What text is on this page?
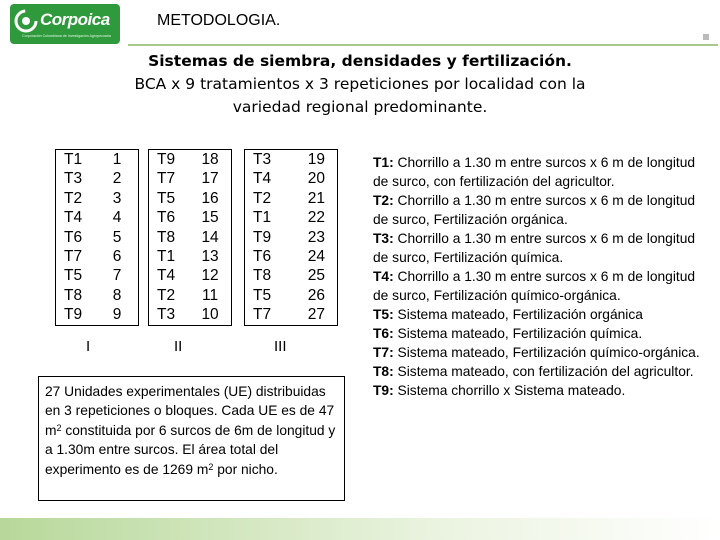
Corpoica
Corporación Colombiana de Investigación Agropecuaria
METODOLOGIA.
Sistemas de siembra, densidades y fertilización.
BCA x 9 tratamientos x 3 repeticiones por localidad con la
variedad regional predominante.
T1	1
T3	2
T2	3
T4	4
T6	5
T7	6
T5	7
T8	8
T9	9
T9	18
T7	17
T5	16
T6	15
T8	14
T1	13
T4	12
T2	11
T3	10
T3	19
T4	20
T2	21
T1	22
T9	23
T6	24
T8	25
T5	26
T7	27
I	II	III
27 Unidades experimentales (UE) distribuidas en 3 repeticiones o bloques. Cada UE es de 47 $m^2$ constituida por 6 surcos de 6m de longitud y a 1.30m entre surcos. El área total del experimento es de 1269 $m^2$ por nicho.
T1: Chorrillo a 1.30 m entre surcos x 6 m de longitud de surco, con fertilización del agricultor.
T2: Chorrillo a 1.30 m entre surcos x 6 m de longitud de surco, Fertilización orgánica.
T3: Chorrillo a 1.30 m entre surcos x 6 m de longitud de surco, Fertilización química.
T4: Chorrillo a 1.30 m entre surcos x 6 m de longitud de surco, Fertilización químico-orgánica.
T5: Sistema mateado, Fertilización orgánica
T6: Sistema mateado, Fertilización química.
T7: Sistema mateado, Fertilización químico-orgánica.
T8: Sistema mateado, con fertilización del agricultor.
T9: Sistema chorrillo x Sistema mateado.
